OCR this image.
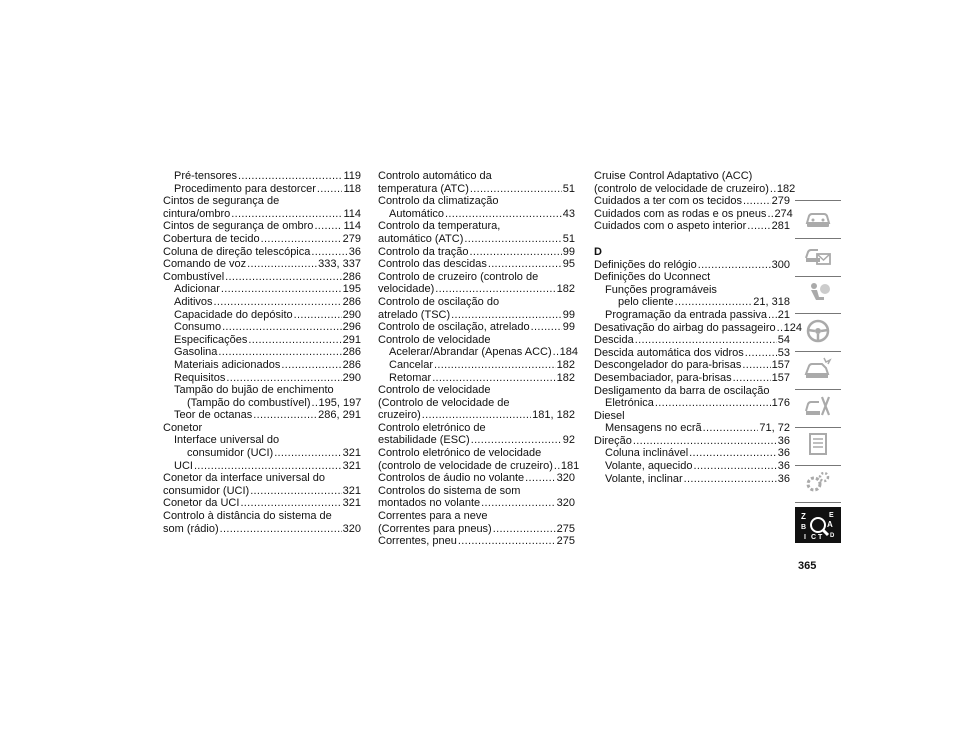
Pré-tensores .....	119
Procedimento para destorcer .....	118
Cintos de segurança de
cintura/ombro .....	114
Cintos de segurança de ombro .....	114
Cobertura de tecido .....	279
Coluna de direção telescópica .....	36
Comando de voz .....	333, 337
Combustível .....	286
Adicionar .....	195
Aditivos .....	286
Capacidade do depósito .....	290
Consumo .....	296
Especificações .....	291
Gasolina .....	286
Materiais adicionados .....	286
Requisitos .....	290
Tampão do bujão de enchimento
(Tampão do combustível) ..... 195, 197
Teor de octanas .....	286, 291
Conetor
Interface universal do
consumidor (UCI) .....	321
UCI .....	321
Conetor da interface universal do
consumidor (UCI) .....	321
Conetor da UCI .....	321
Controlo à distância do sistema de
som (rádio) .....	320
Controlo automático da
temperatura (ATC) .....	51
Controlo da climatização
Automático .....	43
Controlo da temperatura,
automático (ATC) .....	51
Controlo da tração .....	99
Controlo das descidas .....	95
Controlo de cruzeiro (controlo de
velocidade) .....	182
Controlo de oscilação do
atrelado (TSC) .....	99
Controlo de oscilação, atrelado .....	99
Controlo de velocidade
Acelerar/Abrandar (Apenas ACC) ..... 184
Cancelar .....	182
Retomar .....	182
Controlo de velocidade
(Controlo de velocidade de
cruzeiro) .....	181, 182
Controlo eletrónico de
estabilidade (ESC) .....	92
Controlo eletrónico de velocidade
(controlo de velocidade de cruzeiro) ..... 181
Controlos de áudio no volante .....	320
Controlos do sistema de som
montados no volante .....	320
Correntes para a neve
(Correntes para pneus) .....	275
Correntes, pneu .....	275
Cruise Control Adaptativo (ACC)
(controlo de velocidade de cruzeiro) ..... 182
Cuidados a ter com os tecidos .....	279
Cuidados com as rodas e os pneus ..... 274
Cuidados com o aspeto interior ..... 281
D
Definições do relógio .....	300
Definições do Uconnect
Funções programáveis
pelo cliente .....	21, 318
Programação da entrada passiva ..... 21
Desativação do airbag do passageiro ..... 124
Descida .....	54
Descida automática dos vidros .....	53
Descongelador do para-brisas .....	157
Desembaciador, para-brisas .....	157
Desligamento da barra de oscilação
Eletrónica .....	176
Diesel
Mensagens no ecrã .....	71, 72
Direção .....	36
Coluna inclinável .....	36
Volante, aquecido .....	36
Volante, inclinar .....	36
Z	E
B	A
I C T D
365
